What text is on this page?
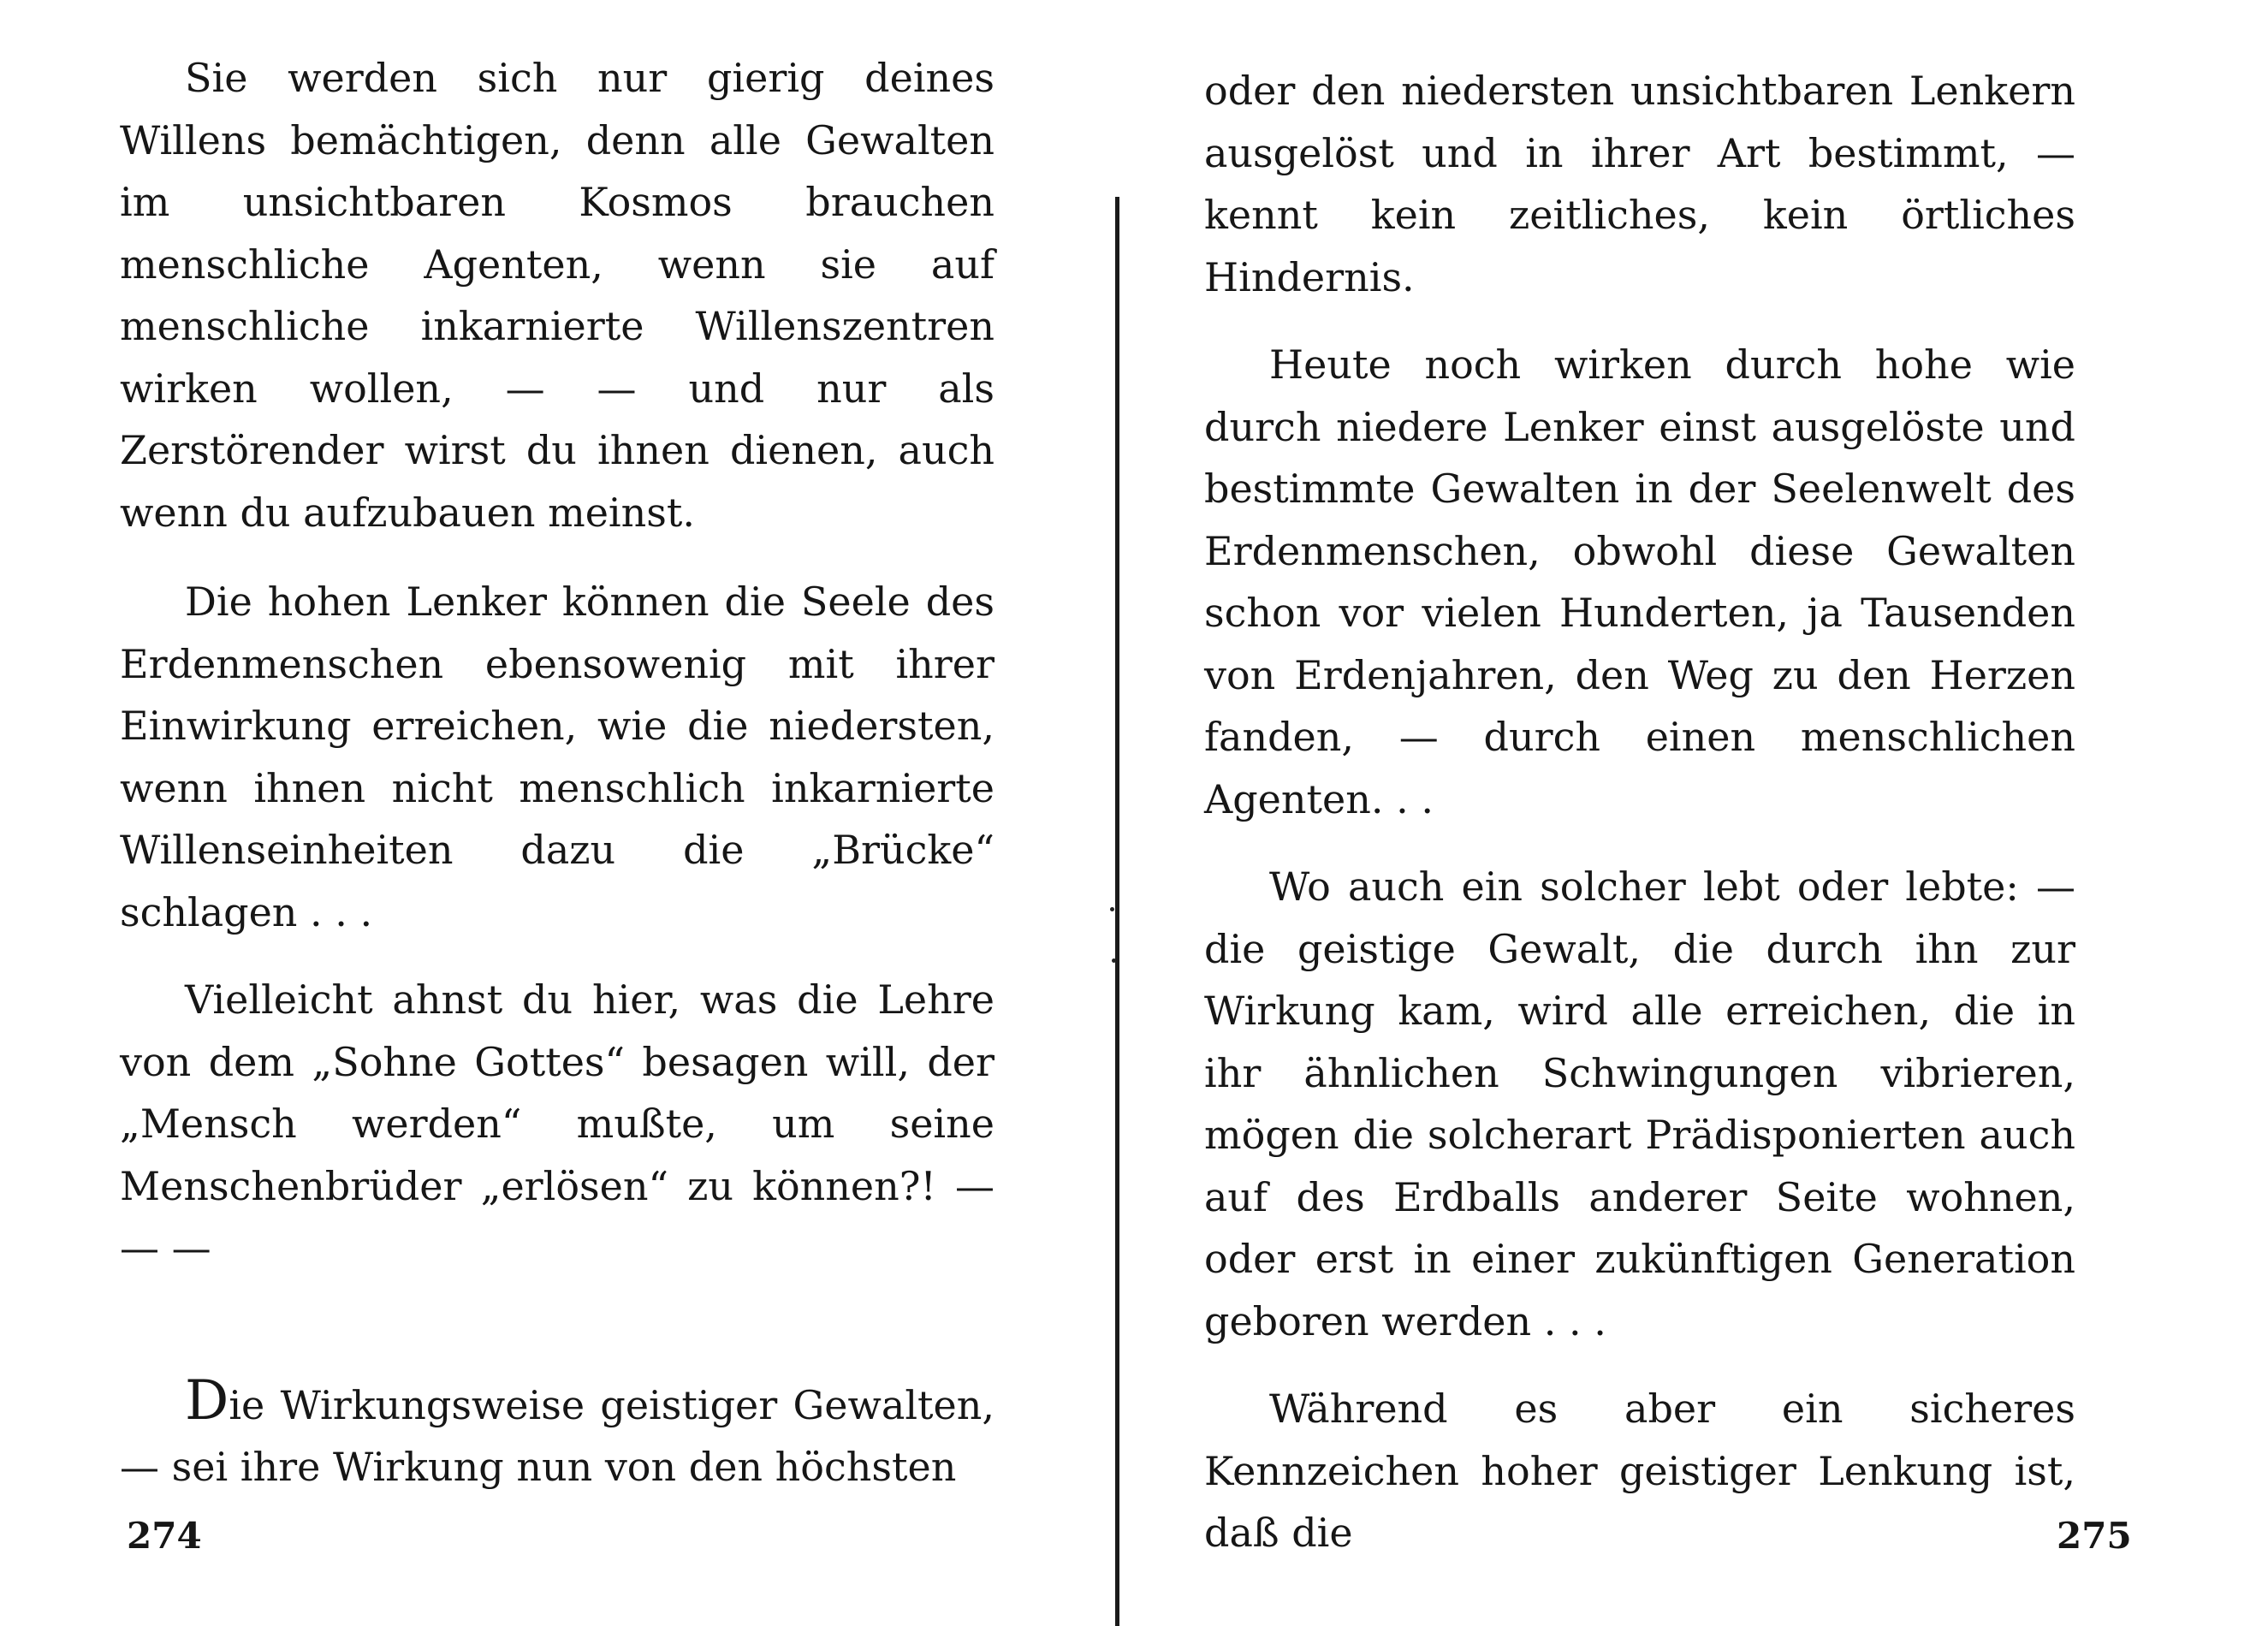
Sie werden sich nur gierig deines Willens bemächtigen, denn alle Gewalten im unsichtbaren Kosmos brauchen menschliche Agenten, wenn sie auf menschliche inkarnierte Willenszentren wirken wollen, — — und nur als Zerstörender wirst du ihnen dienen, auch wenn du aufzubauen meinst.

Die hohen Lenker können die Seele des Erdenmenschen ebensowenig mit ihrer Einwirkung erreichen, wie die niedersten, wenn ihnen nicht menschlich inkarnierte Willenseinheiten dazu die „Brücke“ schlagen . . .

Vielleicht ahnst du hier, was die Lehre von dem „Sohne Gottes“ besagen will, der „Mensch werden“ mußte, um seine Menschenbrüder „erlösen“ zu können?! — — —

Die Wirkungsweise geistiger Gewalten, — sei ihre Wirkung nun von den höchsten

274

oder den niedersten unsichtbaren Lenkern ausgelöst und in ihrer Art bestimmt, — kennt kein zeitliches, kein örtliches Hindernis.

Heute noch wirken durch hohe wie durch niedere Lenker einst ausgelöste und bestimmte Gewalten in der Seelenwelt des Erdenmenschen, obwohl diese Gewalten schon vor vielen Hunderten, ja Tausenden von Erdenjahren, den Weg zu den Herzen fanden, — durch einen menschlichen Agenten. . .

Wo auch ein solcher lebt oder lebte: — die geistige Gewalt, die durch ihn zur Wirkung kam, wird alle erreichen, die in ihr ähnlichen Schwingungen vibrieren, mögen die solcherart Prädisponierten auch auf des Erdballs anderer Seite wohnen, oder erst in einer zukünftigen Generation geboren werden . . .

Während es aber ein sicheres Kennzeichen hoher geistiger Lenkung ist, daß die	275
